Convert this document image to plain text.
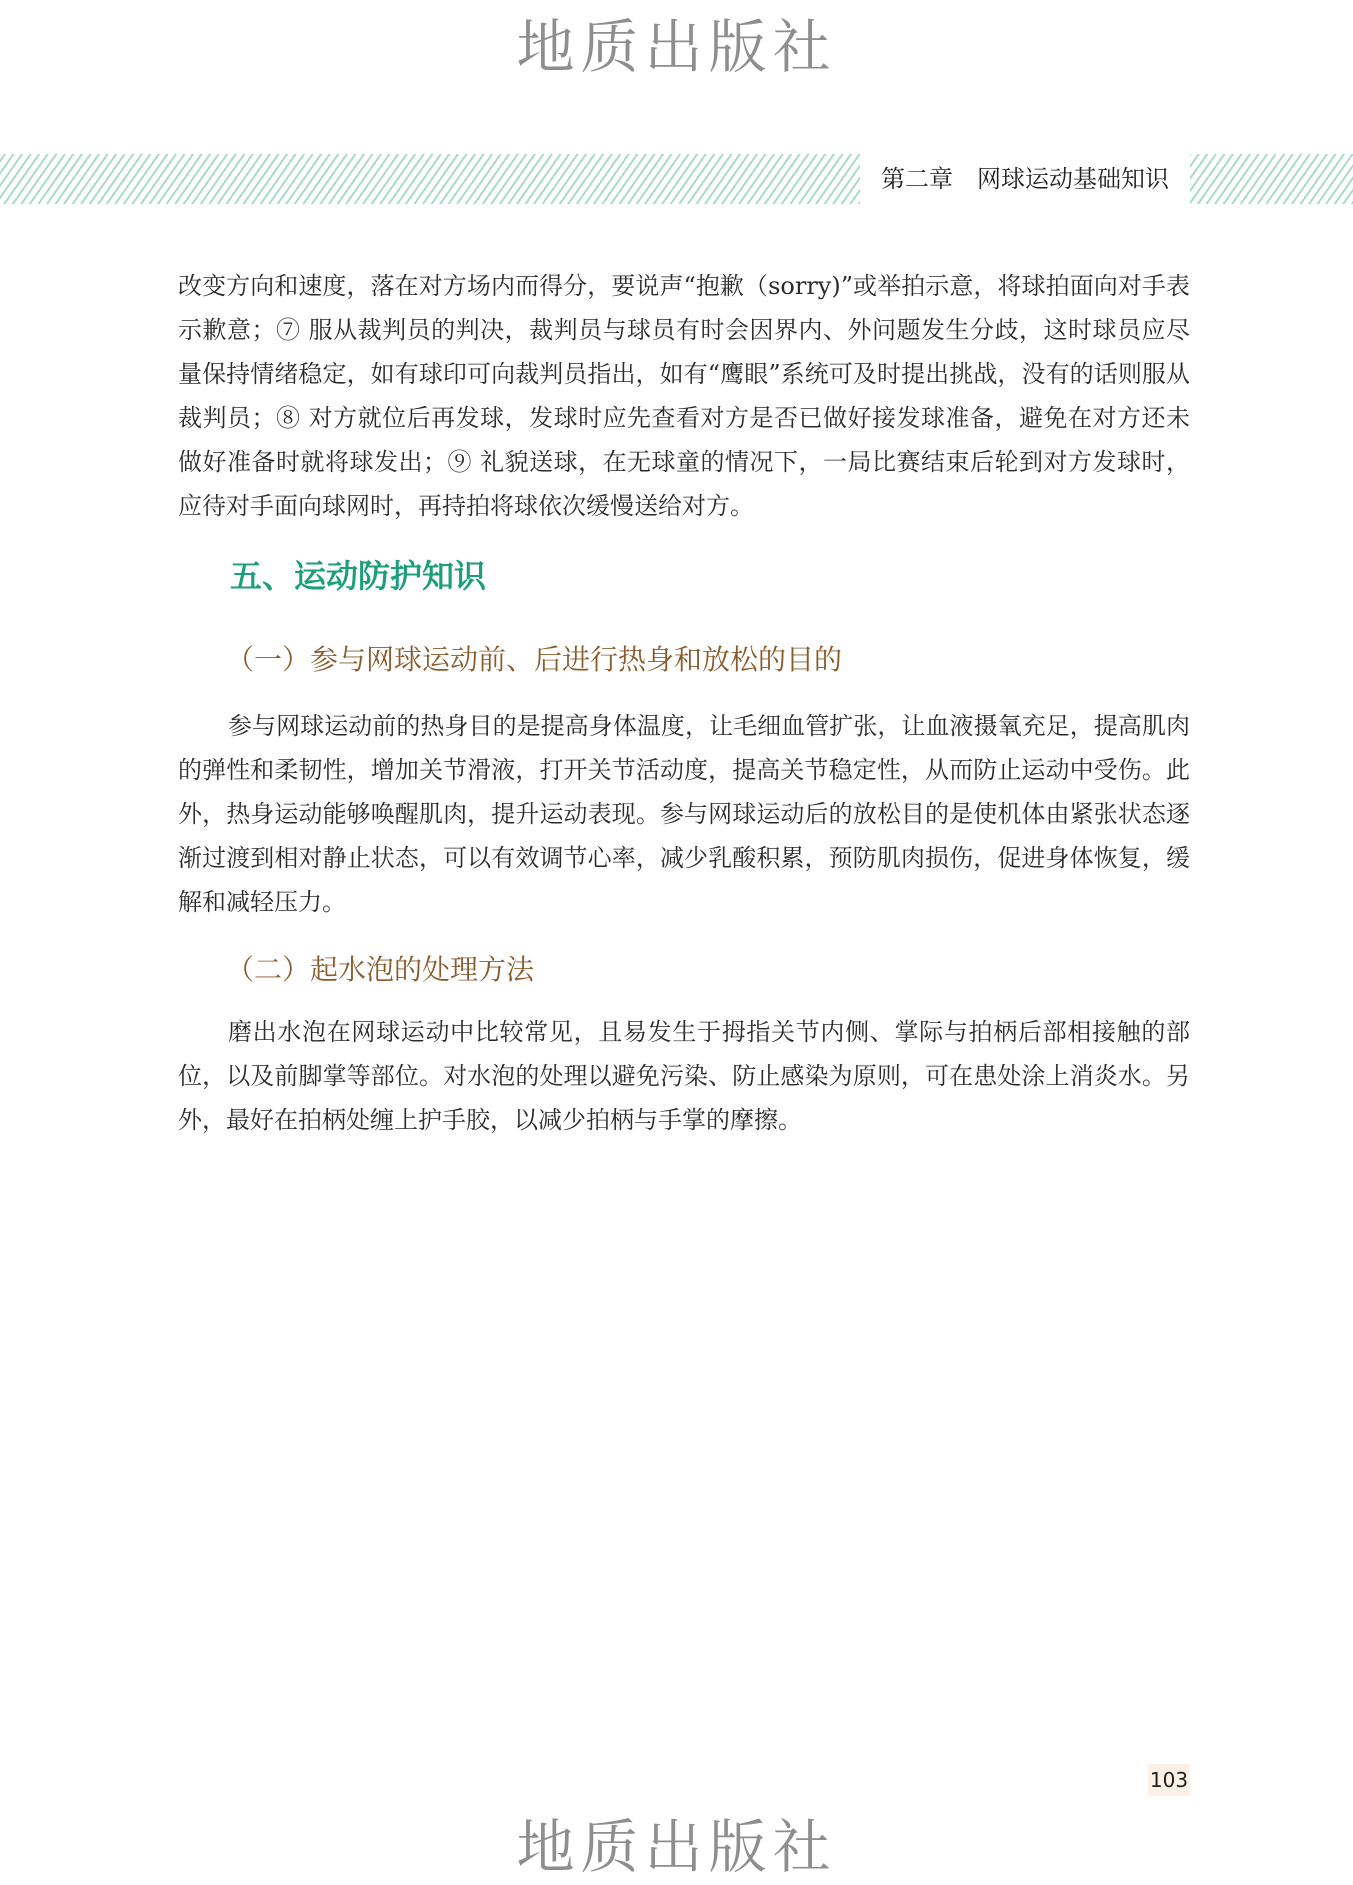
地质出版社
第二章　网球运动基础知识

改变方向和速度，落在对方场内而得分，要说声“抱歉（sorry)”或举拍示意，将球拍面向对手表示歉意；⑦ 服从裁判员的判决，裁判员与球员有时会因界内、外问题发生分歧，这时球员应尽量保持情绪稳定，如有球印可向裁判员指出，如有“鹰眼”系统可及时提出挑战，没有的话则服从裁判员；⑧ 对方就位后再发球，发球时应先查看对方是否已做好接发球准备，避免在对方还未做好准备时就将球发出；⑨ 礼貌送球，在无球童的情况下，一局比赛结束后轮到对方发球时，应待对手面向球网时，再持拍将球依次缓慢送给对方。

五、运动防护知识
（一）参与网球运动前、后进行热身和放松的目的

参与网球运动前的热身目的是提高身体温度，让毛细血管扩张，让血液摄氧充足，提高肌肉的弹性和柔韧性，增加关节滑液，打开关节活动度，提高关节稳定性，从而防止运动中受伤。此外，热身运动能够唤醒肌肉，提升运动表现。参与网球运动后的放松目的是使机体由紧张状态逐渐过渡到相对静止状态，可以有效调节心率，减少乳酸积累，预防肌肉损伤，促进身体恢复，缓解和减轻压力。

（二）起水泡的处理方法

磨出水泡在网球运动中比较常见，且易发生于拇指关节内侧、掌际与拍柄后部相接触的部位，以及前脚掌等部位。对水泡的处理以避免污染、防止感染为原则，可在患处涂上消炎水。另外，最好在拍柄处缠上护手胶，以减少拍柄与手掌的摩擦。

103
地质出版社
